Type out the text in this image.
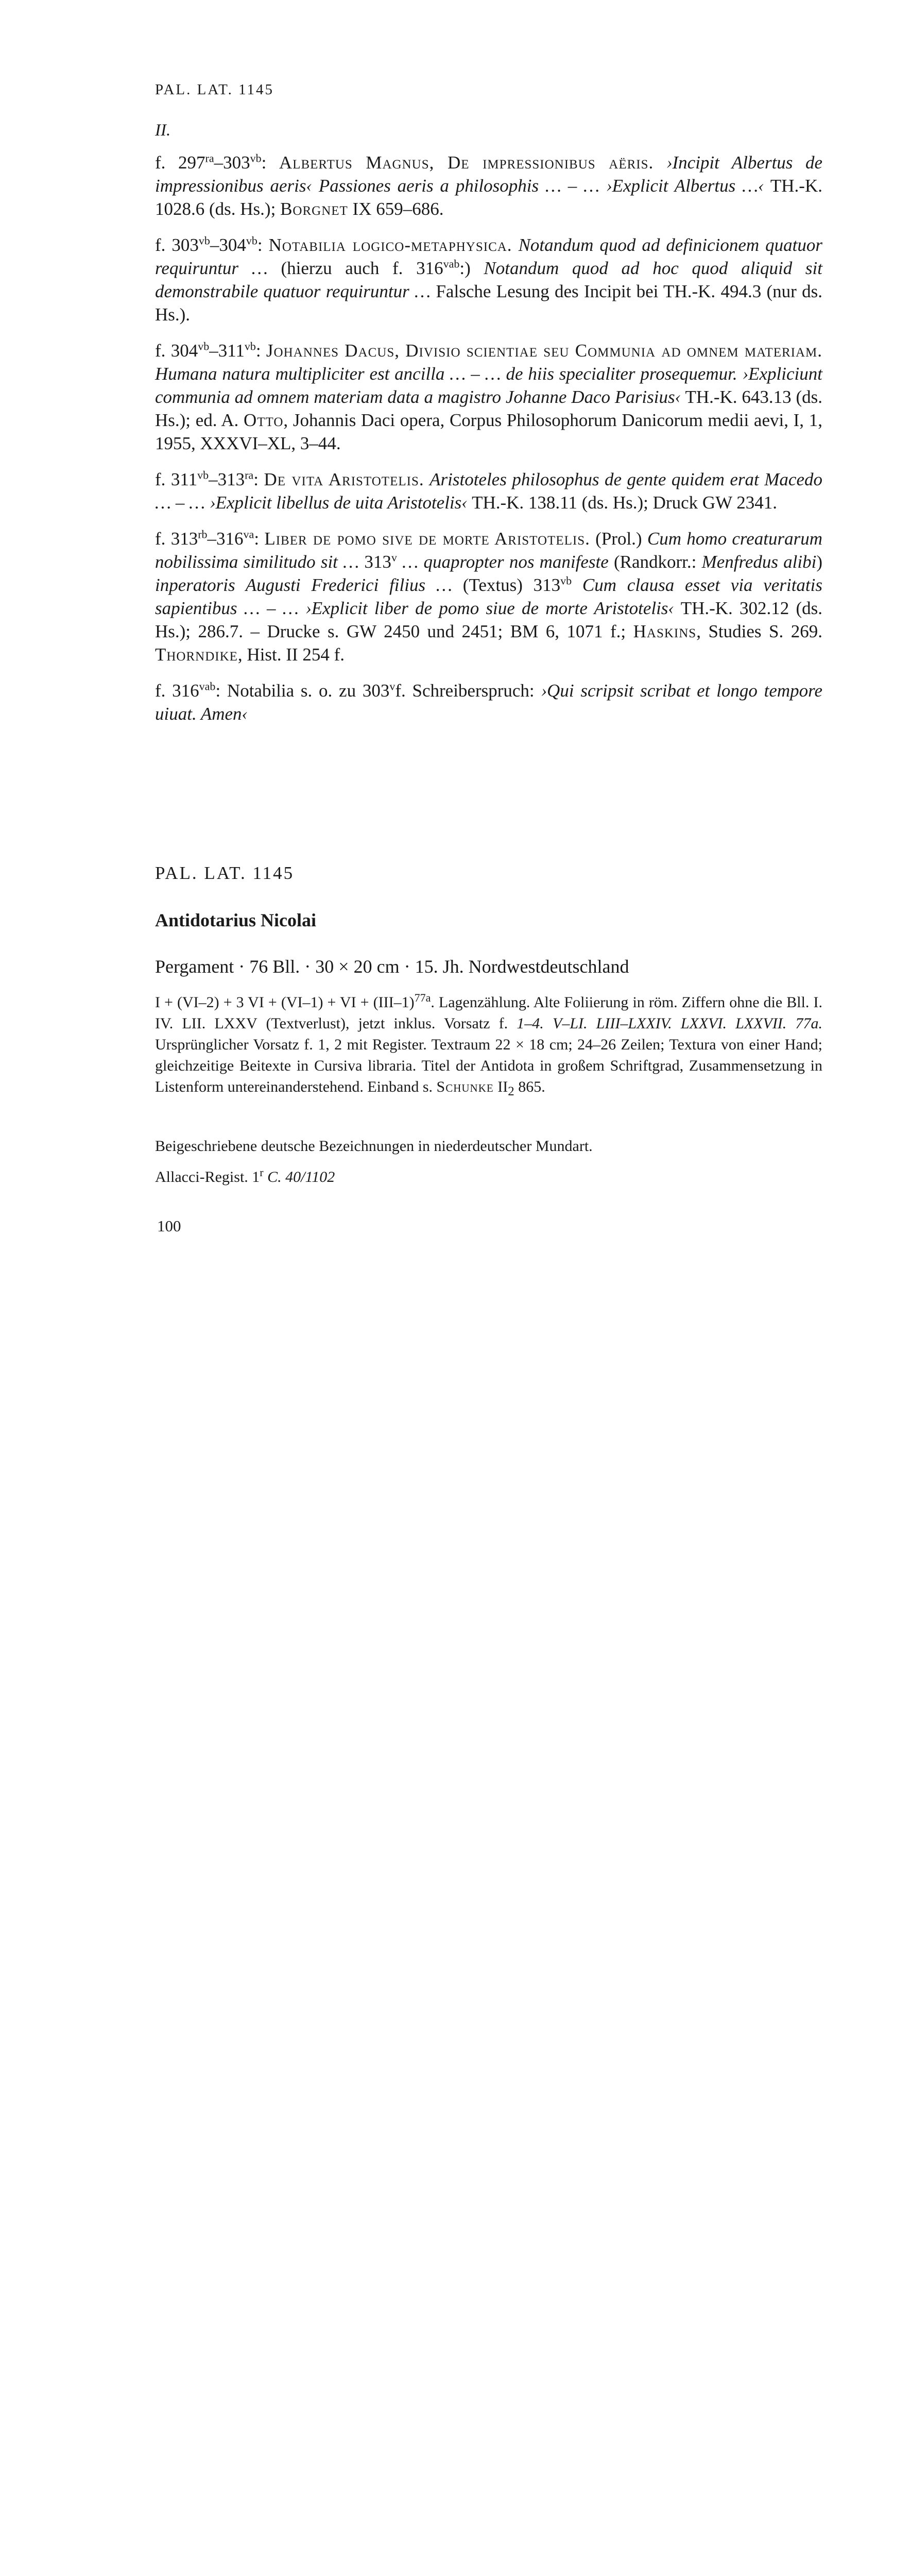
PAL. LAT. 1145
II.

f. $297^{ra}-303^{vb}$: Albertus Magnus, De impressionibus aëris. ›Incipit Albertus de impressionibus aeris‹ Passiones aeris a philosophis … – … ›Explicit Albertus …‹ TH.-K. 1028.6 (ds. Hs.); Borgnet IX 659–686.

f. $303^{vb}-304^{vb}$: Notabilia logico-metaphysica. Notandum quod ad definicionem quatuor requiruntur … (hierzu auch f. $316^{vab}$:) Notandum quod ad hoc quod aliquid sit demonstrabile quatuor requiruntur … Falsche Lesung des Incipit bei TH.-K. 494.3 (nur ds. Hs.).

f. $304^{vb}-311^{vb}$: Johannes Dacus, Divisio scientiae seu Communia ad omnem materiam. Humana natura multipliciter est ancilla … – … de hiis specialiter prosequemur. ›Expliciunt communia ad omnem materiam data a magistro Johanne Daco Parisius‹ TH.-K. 643.13 (ds. Hs.); ed. A. Otto, Johannis Daci opera, Corpus Philosophorum Danicorum medii aevi, I, 1, 1955, XXXVI–XL, 3–44.

f. $311^{vb}-313^{ra}$: De vita Aristotelis. Aristoteles philosophus de gente quidem erat Macedo … – … ›Explicit libellus de uita Aristotelis‹ TH.-K. 138.11 (ds. Hs.); Druck GW 2341.

f. $313^{rb}-316^{va}$: Liber de pomo sive de morte Aristotelis. (Prol.) Cum homo creaturarum nobilissima similitudo sit … 313$^v$ … quapropter nos manifeste (Randkorr.: Menfredus alibi) inperatoris Augusti Frederici filius … (Textus) $313^{vb}$ Cum clausa esset via veritatis sapientibus … – … ›Explicit liber de pomo siue de morte Aristotelis‹ TH.-K. 302.12 (ds. Hs.); 286.7. – Drucke s. GW 2450 und 2451; BM 6, 1071 f.; Haskins, Studies S. 269. Thorndike, Hist. II 254 f.

f. $316^{vab}$: Notabilia s. o. zu 303$^v$f. Schreiberspruch: ›Qui scripsit scribat et longo tempore uiuat. Amen‹

PAL. LAT. 1145
Antidotarius Nicolai
Pergament · 76 Bll. · 30 × 20 cm · 15. Jh. Nordwestdeutschland

I + (VI–2) + 3 VI + (VI–1) + VI + $(III-1)^{77a}$. Lagenzählung. Alte Foliierung in röm. Ziffern ohne die Bll. I. IV. LII. LXXV (Textverlust), jetzt inklus. Vorsatz f. 1–4. V–LI. LIII–LXXIV. LXXVI. LXXVII. 77a. Ursprünglicher Vorsatz f. 1, 2 mit Register. Textraum 22 × 18 cm; 24–26 Zeilen; Textura von einer Hand; gleichzeitige Beitexte in Cursiva libraria. Titel der Antidota in großem Schriftgrad, Zusammensetzung in Listenform untereinanderstehend. Einband s. Schunke $II_2$ 865.

Beigeschriebene deutsche Bezeichnungen in niederdeutscher Mundart.

Allacci-Regist. 1$^r$ C. 40/1102

100
